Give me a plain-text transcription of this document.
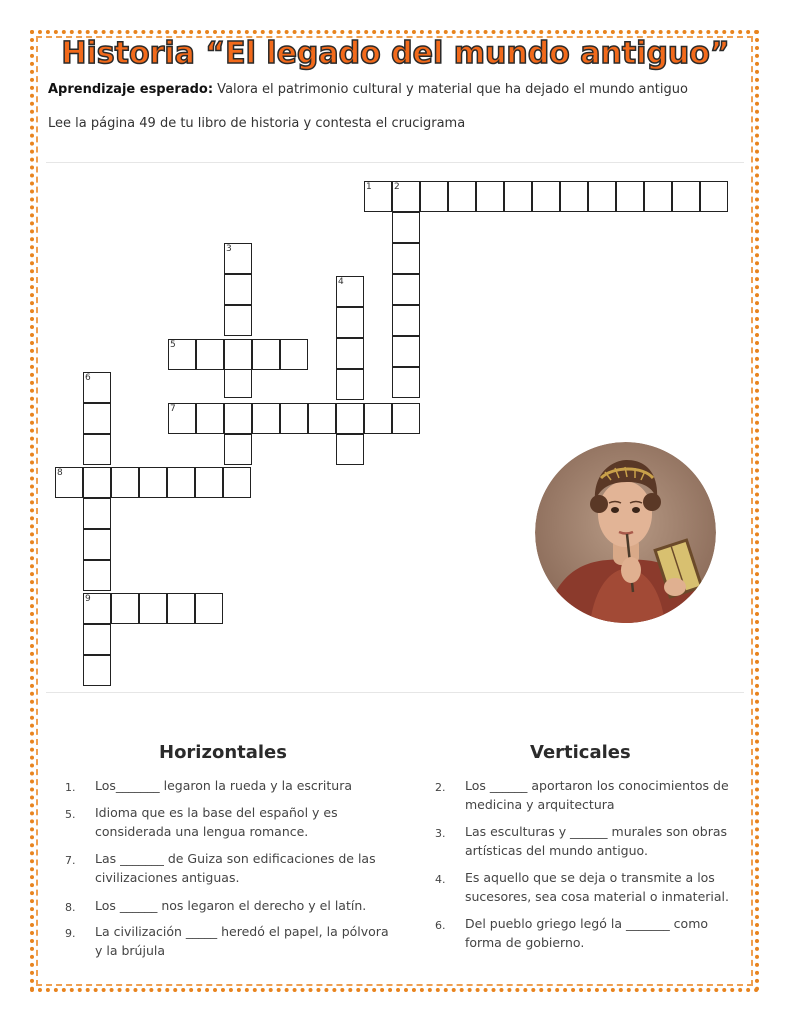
Historia “El legado del mundo antiguo”
Aprendizaje esperado: Valora el patrimonio cultural y material que ha dejado el mundo antiguo
Lee la página 49 de tu libro de historia y contesta el crucigrama
1 2
3
4
5
6
7
8
9
Horizontales	Verticales
1.	Los_______ legaron la rueda y la escritura
5.	Idioma que es la base del español y es considerada una lengua romance.
7.	Las _______ de Guiza son edificaciones de las civilizaciones antiguas.
8.	Los ______ nos legaron el derecho y el latín.
9.	La civilización _____ heredó el papel, la pólvora y la brújula
2.	Los ______ aportaron los conocimientos de medicina y arquitectura
3.	Las esculturas y ______ murales son obras artísticas del mundo antiguo.
4.	Es aquello que se deja o transmite a los sucesores, sea cosa material o inmaterial.
6.	Del pueblo griego legó la _______ como forma de gobierno.
